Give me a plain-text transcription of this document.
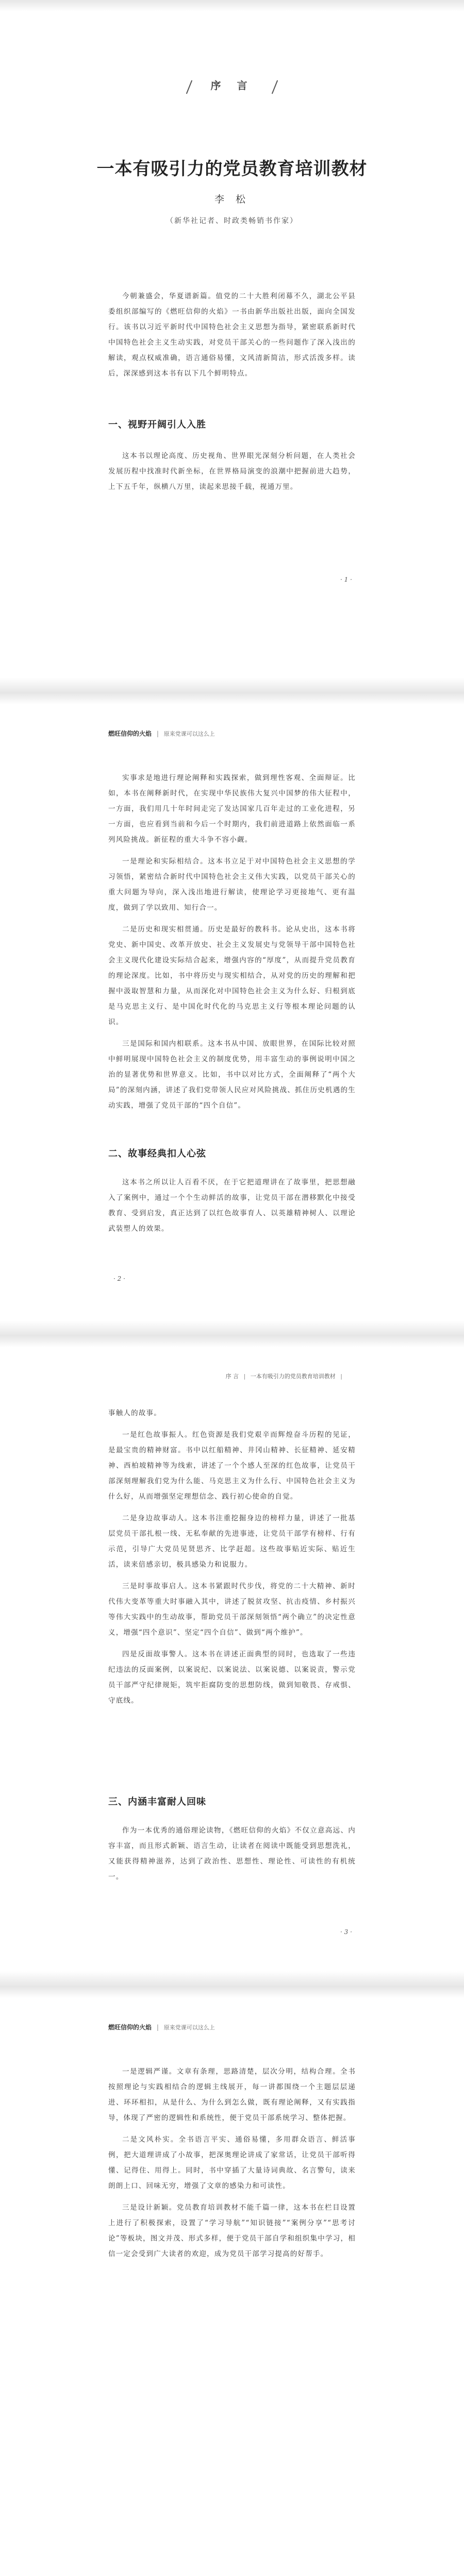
序 言
一本有吸引力的党员教育培训教材
李 松
（新华社记者、时政类畅销书作家）

今朝兼盛会，华夏谱新篇。值党的二十大胜利闭幕不久，湖北公平县委组织部编写的《燃旺信仰的火焰》一书由新华出版社出版，面向全国发行。该书以习近平新时代中国特色社会主义思想为指导，紧密联系新时代中国特色社会主义生动实践，对党员干部关心的一些问题作了深入浅出的解读，观点权威准确，语言通俗易懂，文风清新简洁，形式活泼多样。读后，深深感到这本书有以下几个鲜明特点。

一、视野开阔引人入胜

这本书以理论高度、历史视角、世界眼光深刻分析问题，在人类社会发展历程中找准时代新坐标，在世界格局演变的浪潮中把握前进大趋势，上下五千年，纵横八万里，读起来思接千载，视通万里。

· 1 ·
燃旺信仰的火焰 | 原来党课可以这么上

实事求是地进行理论阐释和实践探索，做到理性客观、全面辩证。比如，本书在阐释新时代，在实现中华民族伟大复兴中国梦的伟大征程中，一方面，我们用几十年时间走完了发达国家几百年走过的工业化进程，另一方面，也应看到当前和今后一个时期内，我们前进道路上依然面临一系列风险挑战。新征程的重大斗争不容小觑。

一是理论和实际相结合。这本书立足于对中国特色社会主义思想的学习领悟，紧密结合新时代中国特色社会主义伟大实践，以党员干部关心的重大问题为导向，深入浅出地进行解读，使理论学习更接地气、更有温度，做到了学以致用、知行合一。

二是历史和现实相贯通。历史是最好的教科书。论从史出，这本书将党史、新中国史、改革开放史、社会主义发展史与党领导干部中国特色社会主义现代化建设实际结合起来，增强内容的“厚度”，从而提升党员教育的理论深度。比如，书中将历史与现实相结合，从对党的历史的理解和把握中汲取智慧和力量，从而深化对中国特色社会主义为什么好、归根到底是马克思主义行、是中国化时代化的马克思主义行等根本理论问题的认识。

三是国际和国内相联系。这本书从中国、放眼世界，在国际比较对照中鲜明展现中国特色社会主义的制度优势，用丰富生动的事例说明中国之治的显著优势和世界意义。比如，书中以对比方式，全面阐释了“两个大局”的深刻内涵，讲述了我们党带领人民应对风险挑战、抓住历史机遇的生动实践，增强了党员干部的“四个自信”。

二、故事经典扣人心弦

这本书之所以让人百看不厌，在于它把道理讲在了故事里，把思想融入了案例中，通过一个个生动鲜活的故事，让党员干部在潜移默化中接受教育、受到启发，真正达到了以红色故事育人、以英雄精神树人、以理论武装塑人的效果。

· 2 ·
序 言 | 一本有吸引力的党员教育培训教材 |

事触人的故事。

一是红色故事振人。红色资源是我们党艰辛而辉煌奋斗历程的见证，是最宝贵的精神财富。书中以红船精神、井冈山精神、长征精神、延安精神、西柏坡精神等为线索，讲述了一个个感人至深的红色故事，让党员干部深刻理解我们党为什么能、马克思主义为什么行、中国特色社会主义为什么好，从而增强坚定理想信念、践行初心使命的自觉。

二是身边故事动人。这本书注重挖掘身边的榜样力量，讲述了一批基层党员干部扎根一线、无私奉献的先进事迹，让党员干部学有榜样、行有示范，引导广大党员见贤思齐、比学赶超。这些故事贴近实际、贴近生活，读来倍感亲切，极具感染力和说服力。

三是时事故事启人。这本书紧跟时代步伐，将党的二十大精神、新时代伟大变革等重大时事融入其中，讲述了脱贫攻坚、抗击疫情、乡村振兴等伟大实践中的生动故事，帮助党员干部深刻领悟“两个确立”的决定性意义，增强“四个意识”、坚定“四个自信”、做到“两个维护”。

四是反面故事警人。这本书在讲述正面典型的同时，也选取了一些违纪违法的反面案例，以案说纪、以案说法、以案说德、以案说责，警示党员干部严守纪律规矩，筑牢拒腐防变的思想防线，做到知敬畏、存戒惧、守底线。

三、内涵丰富耐人回味

作为一本优秀的通俗理论读物，《燃旺信仰的火焰》不仅立意高远、内容丰富，而且形式新颖、语言生动，让读者在阅读中既能受到思想洗礼，又能获得精神滋养，达到了政治性、思想性、理论性、可读性的有机统一。

· 3 ·
燃旺信仰的火焰 | 原来党课可以这么上

一是逻辑严谨。文章有条理，思路清楚，层次分明，结构合理。全书按照理论与实践相结合的逻辑主线展开，每一讲都围绕一个主题层层递进、环环相扣，从是什么、为什么到怎么做，既有理论阐释，又有实践指导，体现了严密的逻辑性和系统性，便于党员干部系统学习、整体把握。

二是文风朴实。全书语言平实、通俗易懂，多用群众语言、鲜活事例，把大道理讲成了小故事，把深奥理论讲成了家常话，让党员干部听得懂、记得住、用得上。同时，书中穿插了大量诗词典故、名言警句，读来朗朗上口、回味无穷，增强了文章的感染力和可读性。

三是设计新颖。党员教育培训教材不能千篇一律，这本书在栏目设置上进行了积极探索，设置了“学习导航”“知识链接”“案例分享”“思考讨论”等板块，图文并茂、形式多样，便于党员干部自学和组织集中学习，相信一定会受到广大读者的欢迎，成为党员干部学习提高的好帮手。
